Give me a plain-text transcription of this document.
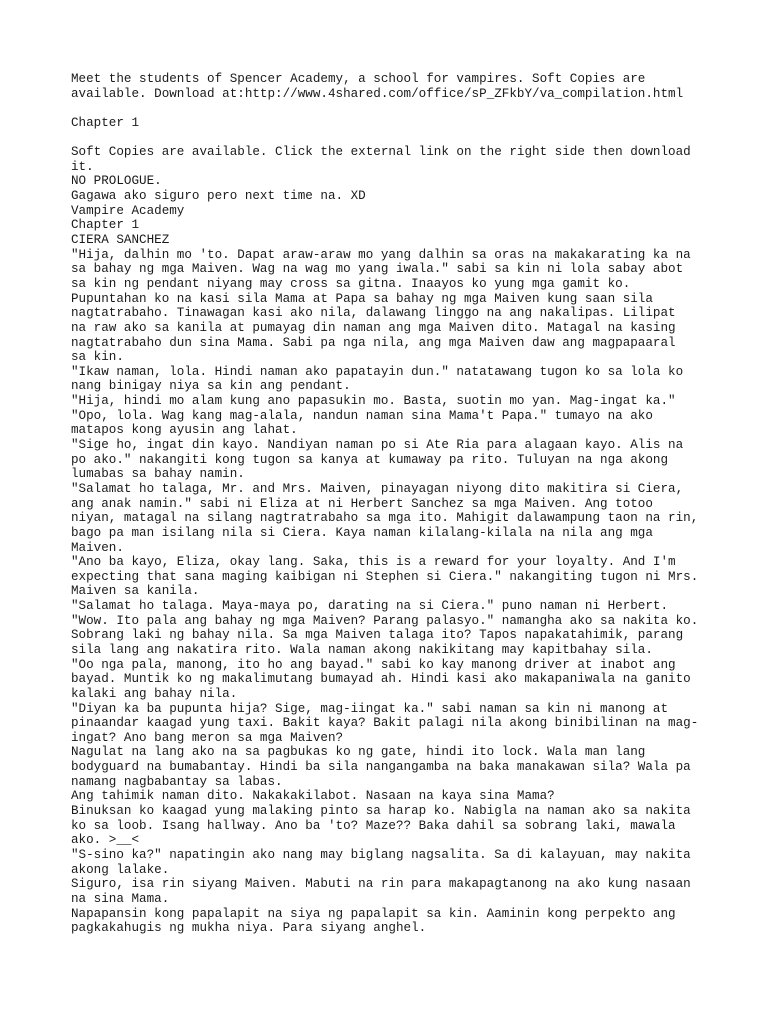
Meet the students of Spencer Academy, a school for vampires. Soft Copies are
available. Download at:http://www.4shared.com/office/sP_ZFkbY/va_compilation.html
Chapter 1
Soft Copies are available. Click the external link on the right side then download
it.
NO PROLOGUE.
Gagawa ako siguro pero next time na. XD
Vampire Academy
Chapter 1
CIERA SANCHEZ
"Hija, dalhin mo 'to. Dapat araw-araw mo yang dalhin sa oras na makakarating ka na
sa bahay ng mga Maiven. Wag na wag mo yang iwala." sabi sa kin ni lola sabay abot
sa kin ng pendant niyang may cross sa gitna. Inaayos ko yung mga gamit ko.
Pupuntahan ko na kasi sila Mama at Papa sa bahay ng mga Maiven kung saan sila
nagtatrabaho. Tinawagan kasi ako nila, dalawang linggo na ang nakalipas. Lilipat
na raw ako sa kanila at pumayag din naman ang mga Maiven dito. Matagal na kasing
nagtatrabaho dun sina Mama. Sabi pa nga nila, ang mga Maiven daw ang magpapaaral
sa kin.
"Ikaw naman, lola. Hindi naman ako papatayin dun." natatawang tugon ko sa lola ko
nang binigay niya sa kin ang pendant.
"Hija, hindi mo alam kung ano papasukin mo. Basta, suotin mo yan. Mag-ingat ka."
"Opo, lola. Wag kang mag-alala, nandun naman sina Mama't Papa." tumayo na ako
matapos kong ayusin ang lahat.
"Sige ho, ingat din kayo. Nandiyan naman po si Ate Ria para alagaan kayo. Alis na
po ako." nakangiti kong tugon sa kanya at kumaway pa rito. Tuluyan na nga akong
lumabas sa bahay namin.
"Salamat ho talaga, Mr. and Mrs. Maiven, pinayagan niyong dito makitira si Ciera,
ang anak namin." sabi ni Eliza at ni Herbert Sanchez sa mga Maiven. Ang totoo
niyan, matagal na silang nagtratrabaho sa mga ito. Mahigit dalawampung taon na rin,
bago pa man isilang nila si Ciera. Kaya naman kilalang-kilala na nila ang mga
Maiven.
"Ano ba kayo, Eliza, okay lang. Saka, this is a reward for your loyalty. And I'm
expecting that sana maging kaibigan ni Stephen si Ciera." nakangiting tugon ni Mrs.
Maiven sa kanila.
"Salamat ho talaga. Maya-maya po, darating na si Ciera." puno naman ni Herbert.
"Wow. Ito pala ang bahay ng mga Maiven? Parang palasyo." namangha ako sa nakita ko.
Sobrang laki ng bahay nila. Sa mga Maiven talaga ito? Tapos napakatahimik, parang
sila lang ang nakatira rito. Wala naman akong nakikitang may kapitbahay sila.
"Oo nga pala, manong, ito ho ang bayad." sabi ko kay manong driver at inabot ang
bayad. Muntik ko ng makalimutang bumayad ah. Hindi kasi ako makapaniwala na ganito
kalaki ang bahay nila.
"Diyan ka ba pupunta hija? Sige, mag-iingat ka." sabi naman sa kin ni manong at
pinaandar kaagad yung taxi. Bakit kaya? Bakit palagi nila akong binibilinan na mag-
ingat? Ano bang meron sa mga Maiven?
Nagulat na lang ako na sa pagbukas ko ng gate, hindi ito lock. Wala man lang
bodyguard na bumabantay. Hindi ba sila nangangamba na baka manakawan sila? Wala pa
namang nagbabantay sa labas.
Ang tahimik naman dito. Nakakakilabot. Nasaan na kaya sina Mama?
Binuksan ko kaagad yung malaking pinto sa harap ko. Nabigla na naman ako sa nakita
ko sa loob. Isang hallway. Ano ba 'to? Maze?? Baka dahil sa sobrang laki, mawala
ako. >__<
"S-sino ka?" napatingin ako nang may biglang nagsalita. Sa di kalayuan, may nakita
akong lalake.
Siguro, isa rin siyang Maiven. Mabuti na rin para makapagtanong na ako kung nasaan
na sina Mama.
Napapansin kong papalapit na siya ng papalapit sa kin. Aaminin kong perpekto ang
pagkakahugis ng mukha niya. Para siyang anghel.
